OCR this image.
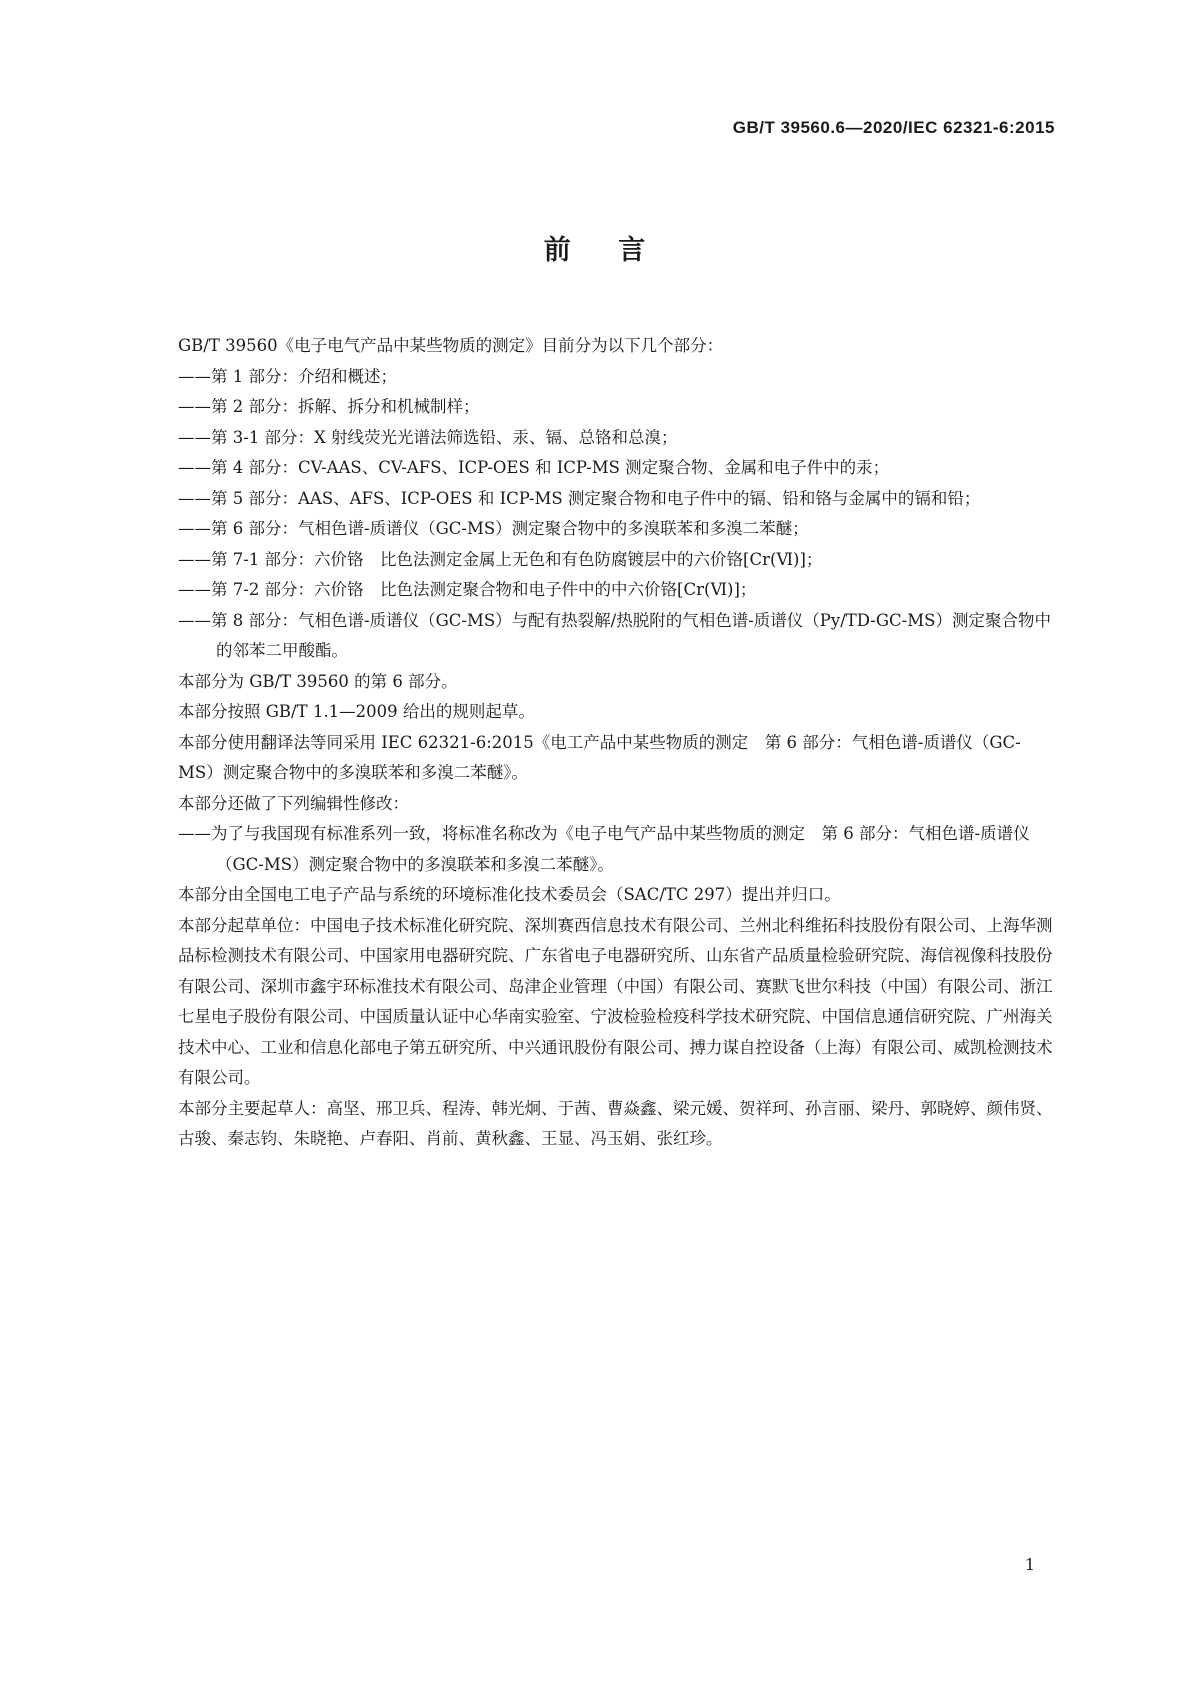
GB/T 39560.6—2020/IEC 62321-6:2015
前 言

GB/T 39560《电子电气产品中某些物质的测定》目前分为以下几个部分：

——第 1 部分：介绍和概述；

——第 2 部分：拆解、拆分和机械制样；

——第 3-1 部分：X 射线荧光光谱法筛选铅、汞、镉、总铬和总溴；

——第 4 部分：CV-AAS、CV-AFS、ICP-OES 和 ICP-MS 测定聚合物、金属和电子件中的汞；

——第 5 部分：AAS、AFS、ICP-OES 和 ICP-MS 测定聚合物和电子件中的镉、铅和铬与金属中的镉和铅；

——第 6 部分：气相色谱-质谱仪（GC-MS）测定聚合物中的多溴联苯和多溴二苯醚；

——第 7-1 部分：六价铬　比色法测定金属上无色和有色防腐镀层中的六价铬[Cr(Ⅵ)]；

——第 7-2 部分：六价铬　比色法测定聚合物和电子件中的中六价铬[Cr(Ⅵ)]；

——第 8 部分：气相色谱-质谱仪（GC-MS）与配有热裂解/热脱附的气相色谱-质谱仪（Py/TD-GC-MS）测定聚合物中的邻苯二甲酸酯。

本部分为 GB/T 39560 的第 6 部分。

本部分按照 GB/T 1.1—2009 给出的规则起草。

本部分使用翻译法等同采用 IEC 62321-6:2015《电工产品中某些物质的测定　第 6 部分：气相色谱-质谱仪（GC-MS）测定聚合物中的多溴联苯和多溴二苯醚》。

本部分还做了下列编辑性修改：

——为了与我国现有标准系列一致，将标准名称改为《电子电气产品中某些物质的测定　第 6 部分：气相色谱-质谱仪（GC-MS）测定聚合物中的多溴联苯和多溴二苯醚》。

本部分由全国电工电子产品与系统的环境标准化技术委员会（SAC/TC 297）提出并归口。

本部分起草单位：中国电子技术标准化研究院、深圳赛西信息技术有限公司、兰州北科维拓科技股份有限公司、上海华测品标检测技术有限公司、中国家用电器研究院、广东省电子电器研究所、山东省产品质量检验研究院、海信视像科技股份有限公司、深圳市鑫宇环标准技术有限公司、岛津企业管理（中国）有限公司、赛默飞世尔科技（中国）有限公司、浙江七星电子股份有限公司、中国质量认证中心华南实验室、宁波检验检疫科学技术研究院、中国信息通信研究院、广州海关技术中心、工业和信息化部电子第五研究所、中兴通讯股份有限公司、搏力谋自控设备（上海）有限公司、威凯检测技术有限公司。

本部分主要起草人：高坚、邢卫兵、程涛、韩光炯、于茜、曹焱鑫、梁元媛、贺祥珂、孙言丽、梁丹、郭晓婷、颜伟贤、古骏、秦志钧、朱晓艳、卢春阳、肖前、黄秋鑫、王显、冯玉娟、张红珍。

1
